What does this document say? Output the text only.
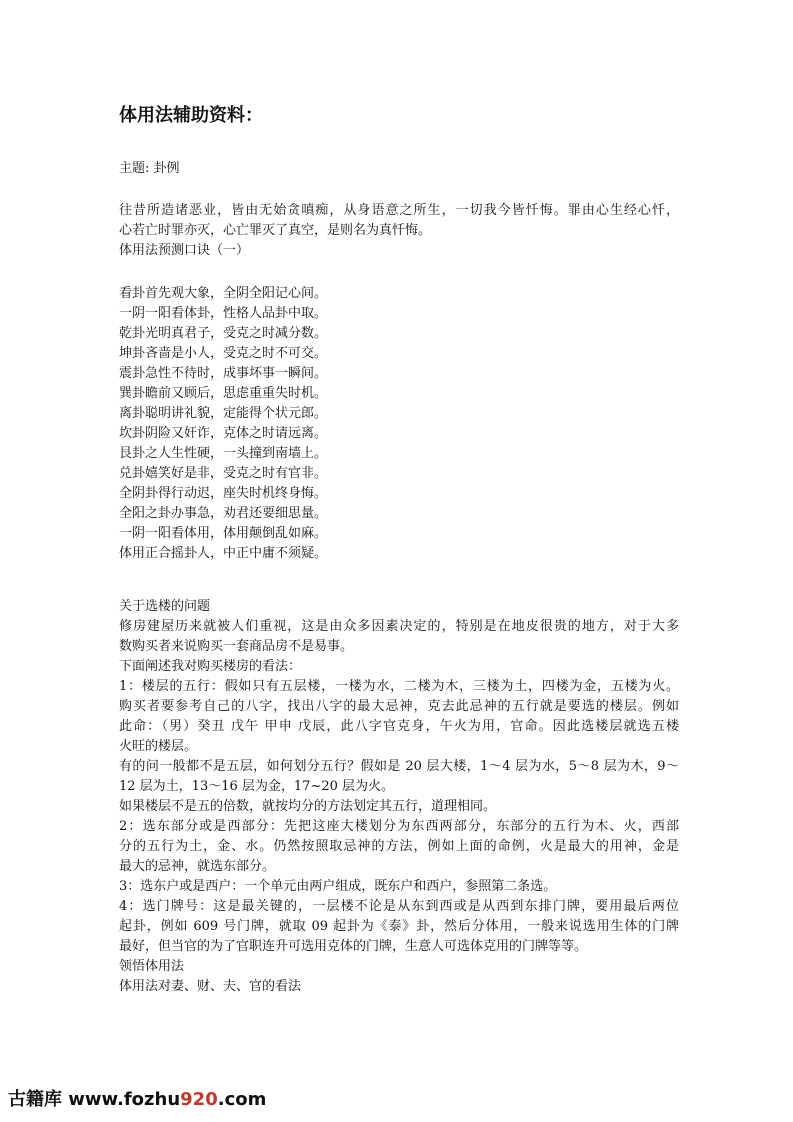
体用法辅助资料：
主题: 卦例
往昔所造诸恶业，皆由无始贪嗔痴，从身语意之所生，一切我今皆忏悔。罪由心生经心忏，
心若亡时罪亦灭，心亡罪灭了真空，是则名为真忏悔。
体用法预测口诀（一）
看卦首先观大象，全阴全阳记心间。
一阴一阳看体卦，性格人品卦中取。
乾卦光明真君子，受克之时减分数。
坤卦吝啬是小人，受克之时不可交。
震卦急性不待时，成事坏事一瞬间。
巽卦瞻前又顾后，思虑重重失时机。
离卦聪明讲礼貌，定能得个状元郎。
坎卦阴险又奸诈，克体之时请远离。
艮卦之人生性硬，一头撞到南墙上。
兑卦嬉笑好是非，受克之时有官非。
全阴卦得行动迟，座失时机终身悔。
全阳之卦办事急，劝君还要细思量。
一阴一阳看体用，体用颠倒乱如麻。
体用正合摇卦人，中正中庸不须疑。
关于选楼的问题
修房建屋历来就被人们重视，这是由众多因素决定的，特别是在地皮很贵的地方，对于大多
数购买者来说购买一套商品房不是易事。
下面阐述我对购买楼房的看法：
1：楼层的五行：假如只有五层楼，一楼为水，二楼为木，三楼为土，四楼为金，五楼为火。
购买者要参考自己的八字，找出八字的最大忌神，克去此忌神的五行就是要选的楼层。例如
此命：（男）癸丑 戊午 甲申 戊辰，此八字官克身，午火为用，官命。因此选楼层就选五楼
火旺的楼层。
有的问一般都不是五层，如何划分五行？假如是 20 层大楼，1～4 层为水，5～8 层为木，9～
12 层为土，13～16 层为金，17~20 层为火。
如果楼层不是五的倍数，就按均分的方法划定其五行，道理相同。
2：选东部分或是西部分：先把这座大楼划分为东西两部分，东部分的五行为木、火，西部
分的五行为土，金、水。仍然按照取忌神的方法，例如上面的命例，火是最大的用神，金是
最大的忌神，就选东部分。
3：选东户或是西户：一个单元由两户组成，既东户和西户，参照第二条选。
4：选门牌号：这是最关键的，一层楼不论是从东到西或是从西到东排门牌，要用最后两位
起卦，例如 609 号门牌，就取 09 起卦为《泰》卦，然后分体用，一般来说选用生体的门牌
最好，但当官的为了官职连升可选用克体的门牌，生意人可选体克用的门牌等等。
领悟体用法
体用法对妻、财、夫、官的看法
古籍库 www.fozhu920.com
